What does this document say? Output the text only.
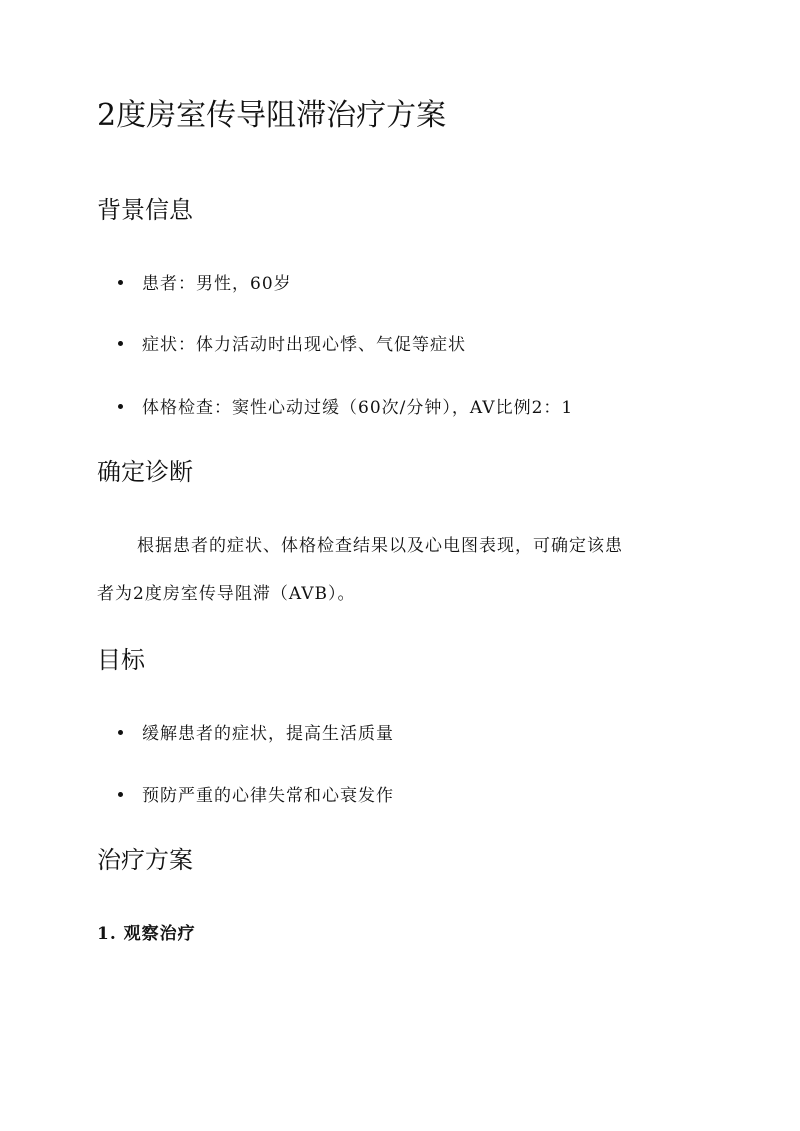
2度房室传导阻滞治疗方案
背景信息
患者：男性，60岁
症状：体力活动时出现心悸、气促等症状
体格检查：窦性心动过缓（60次/分钟），AV比例2：1
确定诊断
根据患者的症状、体格检查结果以及心电图表现，可确定该患
者为2度房室传导阻滞（AVB）。
目标
缓解患者的症状，提高生活质量
预防严重的心律失常和心衰发作
治疗方案
1. 观察治疗
